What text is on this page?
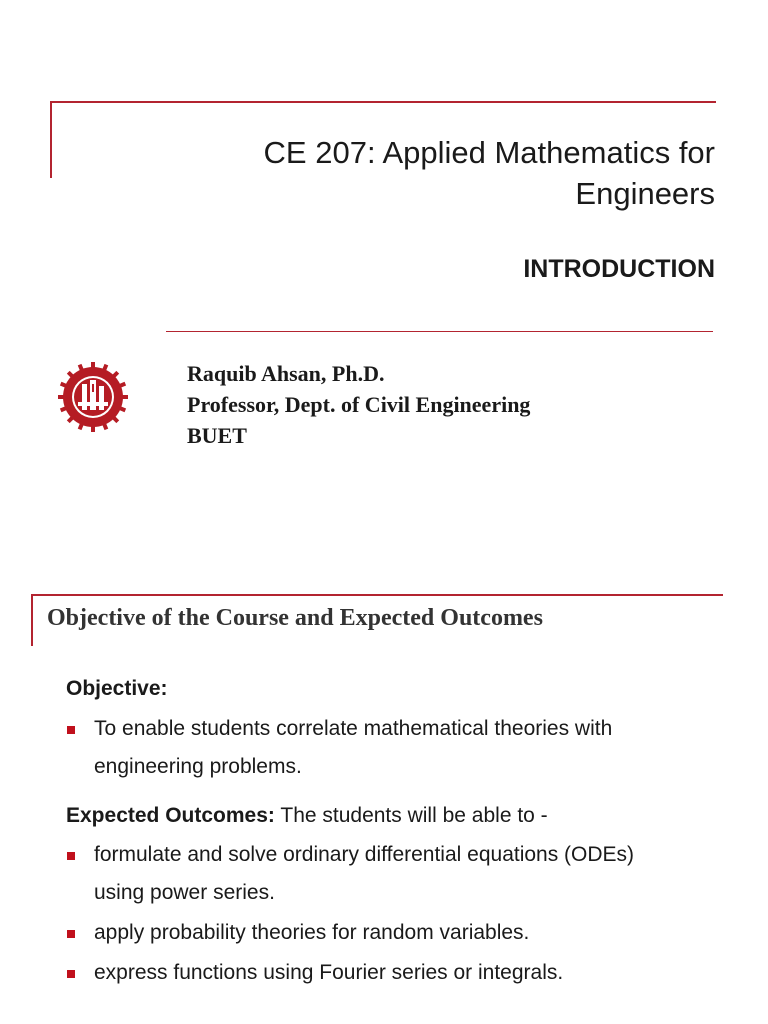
CE 207: Applied Mathematics for
Engineers
INTRODUCTION
Raquib Ahsan, Ph.D.
Professor, Dept. of Civil Engineering
BUET
Objective of the Course and Expected Outcomes
Objective:
To enable students correlate mathematical theories with
engineering problems.
Expected Outcomes: The students will be able to -
formulate and solve ordinary differential equations (ODEs)
using power series.
apply probability theories for random variables.
express functions using Fourier series or integrals.
